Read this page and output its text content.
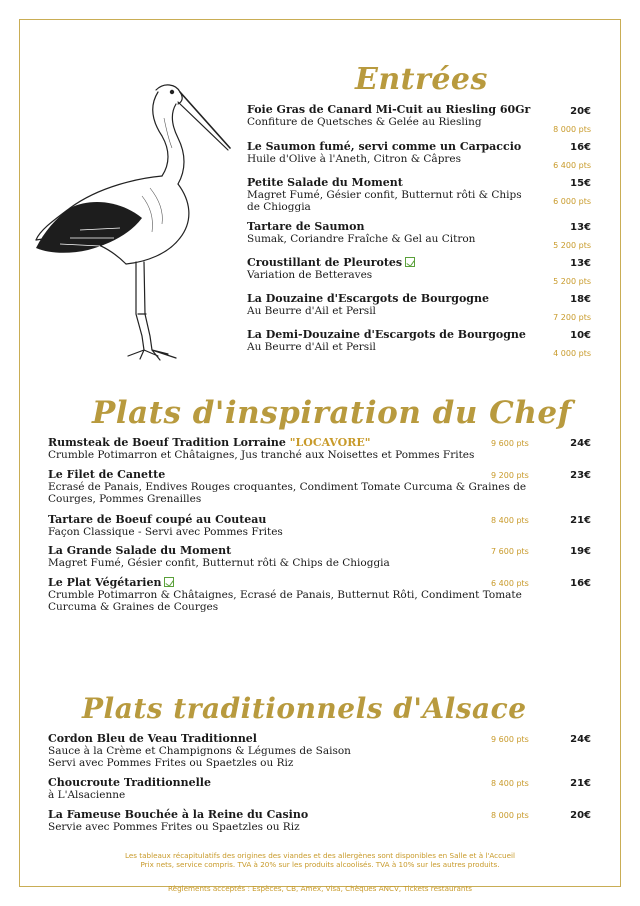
Entrées
Foie Gras de Canard Mi-Cuit au Riesling 60Gr
Confiture de Quetsches & Gelée au Riesling
20€
8 000 pts
Le Saumon fumé, servi comme un Carpaccio
Huile d'Olive à l'Aneth, Citron & Câpres
16€
6 400 pts
Petite Salade du Moment
Magret Fumé, Gésier confit, Butternut rôti & Chips de Chioggia
15€
6 000 pts
Tartare de Saumon
Sumak, Coriandre Fraîche & Gel au Citron
13€
5 200 pts
Croustillant de Pleurotes
Variation de Betteraves
13€
5 200 pts
La Douzaine d'Escargots de Bourgogne
Au Beurre d'Ail et Persil
18€
7 200 pts
La Demi-Douzaine d'Escargots de Bourgogne
Au Beurre d'Ail et Persil
10€
4 000 pts
Plats d'inspiration du Chef
Rumsteak de Boeuf Tradition Lorraine "LOCAVORE"
Crumble Potimarron et Châtaignes, Jus tranché aux Noisettes et Pommes Frites
9 600 pts	24€
Le Filet de Canette
Ecrasé de Panais, Endives Rouges croquantes, Condiment Tomate Curcuma & Graines de Courges, Pommes Grenailles
9 200 pts	23€
Tartare de Boeuf coupé au Couteau
Façon Classique - Servi avec Pommes Frites
8 400 pts	21€
La Grande Salade du Moment
Magret Fumé, Gésier confit, Butternut rôti & Chips de Chioggia
7 600 pts	19€
Le Plat Végétarien
Crumble Potimarron & Châtaignes, Ecrasé de Panais, Butternut Rôti, Condiment Tomate Curcuma & Graines de Courges
6 400 pts	16€
Plats traditionnels d'Alsace
Cordon Bleu de Veau Traditionnel
Sauce à la Crème et Champignons & Légumes de Saison
Servi avec Pommes Frites ou Spaetzles ou Riz
9 600 pts	24€
Choucroute Traditionnelle
à L'Alsacienne
8 400 pts	21€
La Fameuse Bouchée à la Reine du Casino
Servie avec Pommes Frites ou Spaetzles ou Riz
8 000 pts	20€
Les tableaux récapitulatifs des origines des viandes et des allergènes sont disponibles en Salle et à l'Accueil
Prix nets, service compris. TVA à 20% sur les produits alcoolisés. TVA à 10% sur les autres produits.
Règlements acceptés : Espèces, CB, Amex, Visa, Chèques ANCV, Tickets restaurants
